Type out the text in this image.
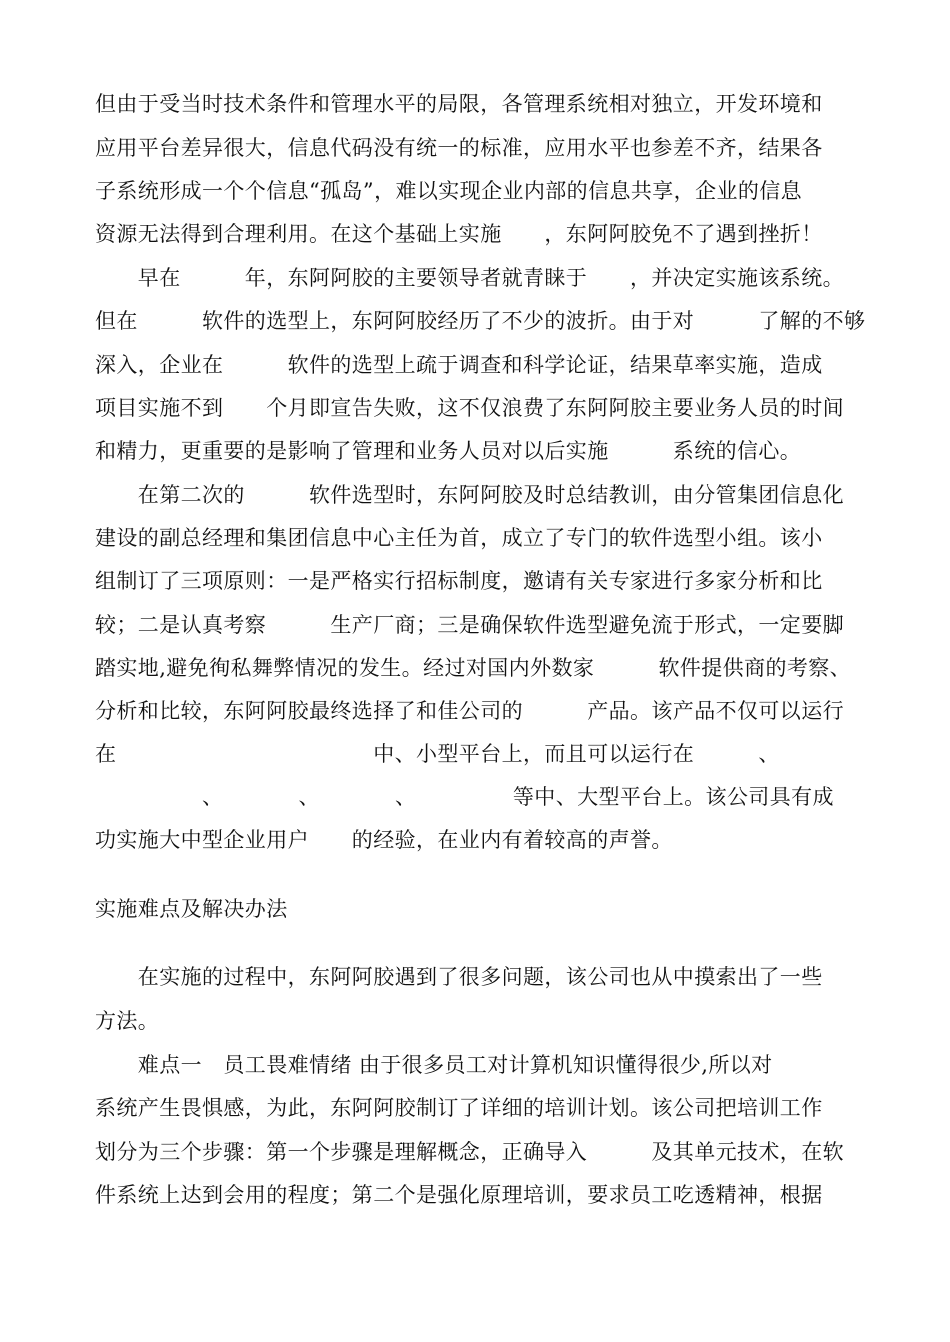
但由于受当时技术条件和管理水平的局限，各管理系统相对独立，开发环境和
应用平台差异很大，信息代码没有统一的标准，应用水平也参差不齐，结果各
子系统形成一个个信息“孤岛”，难以实现企业内部的信息共享，企业的信息
资源无法得到合理利用。在这个基础上实施　　，东阿阿胶免不了遇到挫折！
　　早在　　　年，东阿阿胶的主要领导者就青睐于　　，并决定实施该系统。
但在　　　软件的选型上，东阿阿胶经历了不少的波折。由于对　　　了解的不够
深入，企业在　　　软件的选型上疏于调查和科学论证，结果草率实施，造成
项目实施不到　　个月即宣告失败，这不仅浪费了东阿阿胶主要业务人员的时间
和精力，更重要的是影响了管理和业务人员对以后实施　　　系统的信心。
　　在第二次的　　　软件选型时，东阿阿胶及时总结教训，由分管集团信息化
建设的副总经理和集团信息中心主任为首，成立了专门的软件选型小组。该小
组制订了三项原则：一是严格实行招标制度，邀请有关专家进行多家分析和比
较；二是认真考察　　　生产厂商；三是确保软件选型避免流于形式，一定要脚
踏实地,避免徇私舞弊情况的发生。经过对国内外数家　　　软件提供商的考察、
分析和比较，东阿阿胶最终选择了和佳公司的　　　产品。该产品不仅可以运行
在　　　　　　　　　　　　中、小型平台上，而且可以运行在　　　、
　　　　　、　　　　、　　　　、　　　　　等中、大型平台上。该公司具有成
功实施大中型企业用户　　的经验，在业内有着较高的声誉。
实施难点及解决办法
　　在实施的过程中，东阿阿胶遇到了很多问题，该公司也从中摸索出了一些
方法。
　　难点一　员工畏难情绪 由于很多员工对计算机知识懂得很少,所以对
系统产生畏惧感，为此，东阿阿胶制订了详细的培训计划。该公司把培训工作
划分为三个步骤：第一个步骤是理解概念，正确导入　　　及其单元技术，在软
件系统上达到会用的程度；第二个是强化原理培训，要求员工吃透精神，根据
